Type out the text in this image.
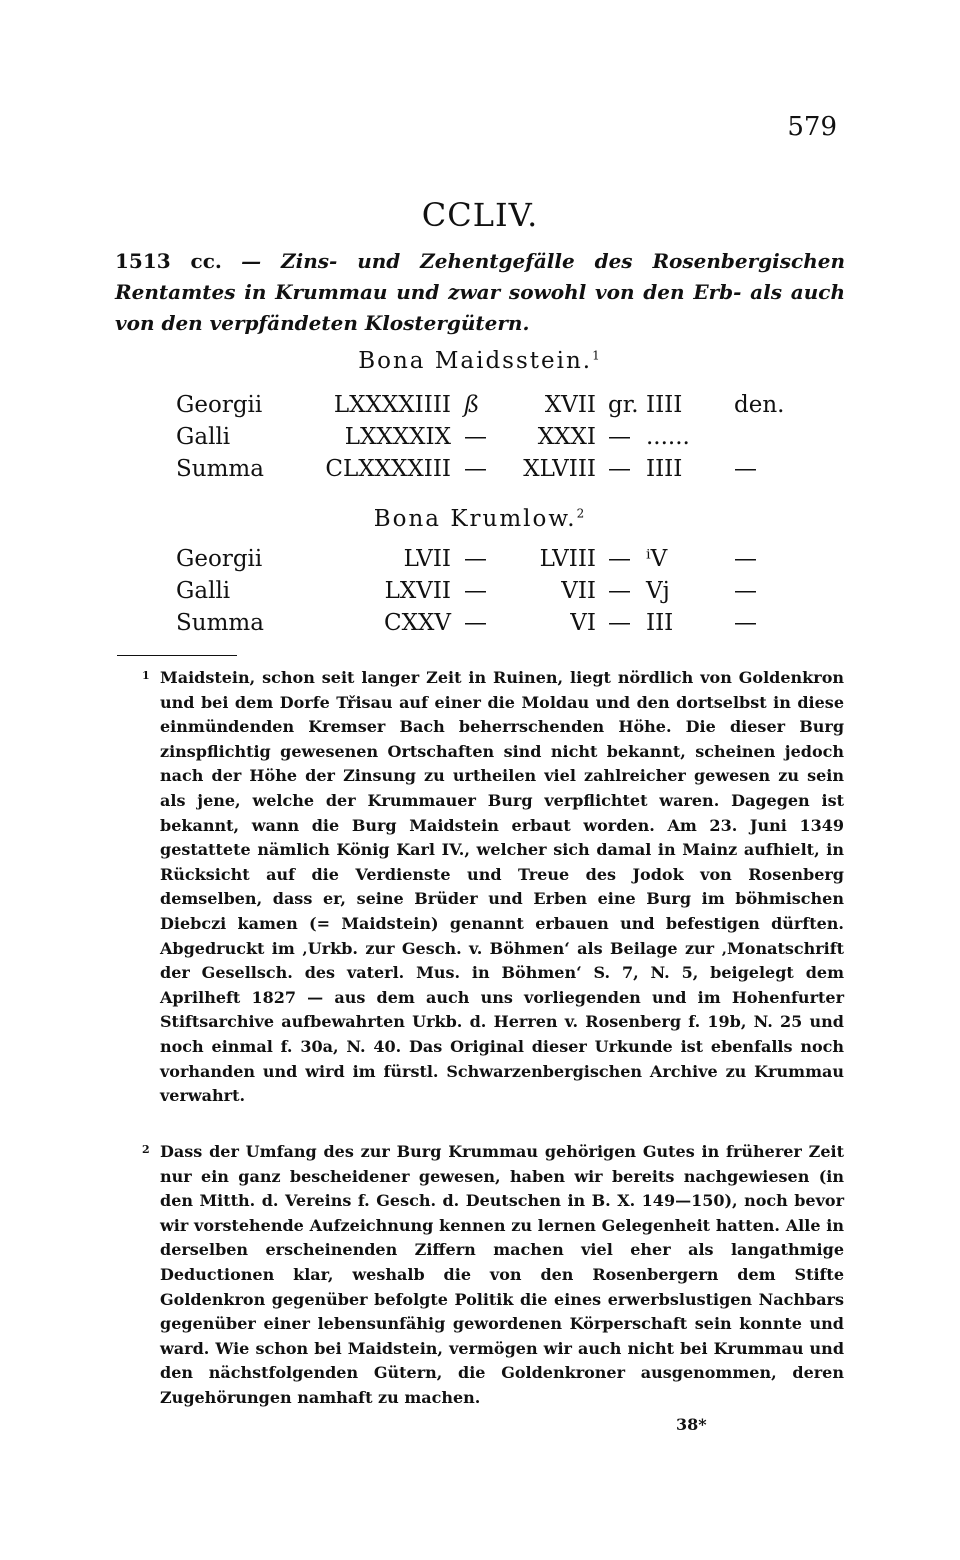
579
CCLIV.
1513 cc. — Zins- und Zehentgefälle des Rosenbergischen Rentamtes in Krummau und zwar sowohl von den Erb- als auch von den verpfändeten Klostergütern.
Bona Maidsstein.$^1$
Georgii	LXXXXIIII ß	XVII gr. IIII den.
Galli	LXXXXIX —	XXXI — ......
Summa	CLXXXXIII —	XLVIII — IIII —
Bona Krumlow.$^2$
Georgii	LVII —	LVIII — ⁱV	—
Galli	LXVII —	VII — Vj	—
Summa	CXXV —	VI — III	—
1 Maidstein, schon seit langer Zeit in Ruinen, liegt nördlich von Goldenkron und bei dem Dorfe Třisau auf einer die Moldau und den dortselbst in diese einmündenden Kremser Bach beherrschenden Höhe. Die dieser Burg zinspflichtig gewesenen Ortschaften sind nicht bekannt, scheinen jedoch nach der Höhe der Zinsung zu urtheilen viel zahlreicher gewesen zu sein als jene, welche der Krummauer Burg verpflichtet waren. Dagegen ist bekannt, wann die Burg Maidstein erbaut worden. Am 23. Juni 1349 gestattete nämlich König Karl IV., welcher sich damal in Mainz aufhielt, in Rücksicht auf die Verdienste und Treue des Jodok von Rosenberg demselben, dass er, seine Brüder und Erben eine Burg im böhmischen Diebczi kamen (= Maidstein) genannt erbauen und befestigen dürften. Abgedruckt im ‚Urkb. zur Gesch. v. Böhmen‘ als Beilage zur ‚Monatschrift der Gesellsch. des vaterl. Mus. in Böhmen‘ S. 7, N. 5, beigelegt dem Aprilheft 1827 — aus dem auch uns vorliegenden und im Hohenfurter Stiftsarchive aufbewahrten Urkb. d. Herren v. Rosenberg f. 19b, N. 25 und noch einmal f. 30a, N. 40. Das Original dieser Urkunde ist ebenfalls noch vorhanden und wird im fürstl. Schwarzenbergischen Archive zu Krummau verwahrt.
2 Dass der Umfang des zur Burg Krummau gehörigen Gutes in früherer Zeit nur ein ganz bescheidener gewesen, haben wir bereits nachgewiesen (in den Mitth. d. Vereins f. Gesch. d. Deutschen in B. X. 149—150), noch bevor wir vorstehende Aufzeichnung kennen zu lernen Gelegenheit hatten. Alle in derselben erscheinenden Ziffern machen viel eher als langathmige Deductionen klar, weshalb die von den Rosenbergern dem Stifte Goldenkron gegenüber befolgte Politik die eines erwerbslustigen Nachbars gegenüber einer lebensunfähig gewordenen Körperschaft sein konnte und ward. Wie schon bei Maidstein, vermögen wir auch nicht bei Krummau und den nächstfolgenden Gütern, die Goldenkroner ausgenommen, deren Zugehörungen namhaft zu machen.
38*
